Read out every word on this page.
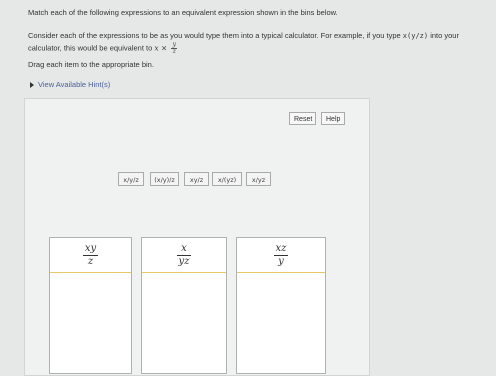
Match each of the following expressions to an equivalent expression shown in the bins below.
Consider each of the expressions to be as you would type them into a typical calculator. For example, if you type x(y/z) into your calculator, this would be equivalent to $x \times \frac{y}{z}$
Drag each item to the appropriate bin.
View Available Hint(s)
Reset	Help
x/y/z	(x/y)/z	xy/z	x/(yz)	x/yz
$\frac{xy}{z}$	$\frac{x}{yz}$	$\frac{xz}{y}$
